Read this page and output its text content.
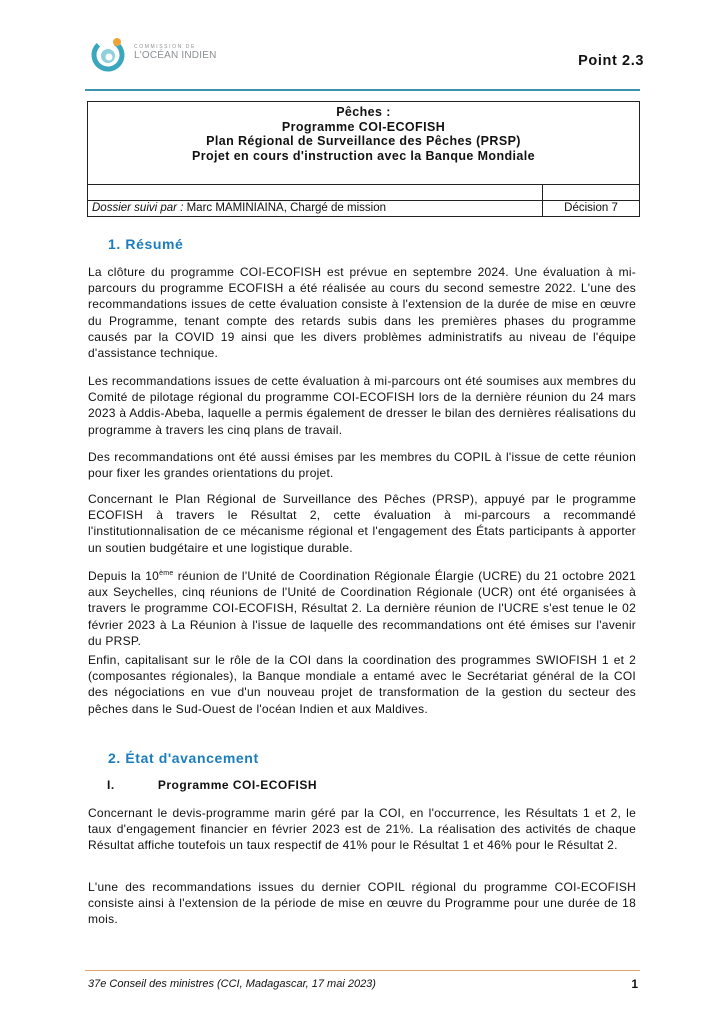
COMMISSION DE
L'OCÉAN INDIEN	Point 2.3
Pêches :
Programme COI-ECOFISH
Plan Régional de Surveillance des Pêches (PRSP)
Projet en cours d'instruction avec la Banque Mondiale
Dossier suivi par : Marc MAMINIAINA, Chargé de mission	Décision 7
1. Résumé

La clôture du programme COI-ECOFISH est prévue en septembre 2024. Une évaluation à mi-parcours du programme ECOFISH a été réalisée au cours du second semestre 2022. L'une des recommandations issues de cette évaluation consiste à l'extension de la durée de mise en œuvre du Programme, tenant compte des retards subis dans les premières phases du programme causés par la COVID 19 ainsi que les divers problèmes administratifs au niveau de l'équipe d'assistance technique.

Les recommandations issues de cette évaluation à mi-parcours ont été soumises aux membres du Comité de pilotage régional du programme COI-ECOFISH lors de la dernière réunion du 24 mars 2023 à Addis-Abeba, laquelle a permis également de dresser le bilan des dernières réalisations du programme à travers les cinq plans de travail.

Des recommandations ont été aussi émises par les membres du COPIL à l'issue de cette réunion pour fixer les grandes orientations du projet.

Concernant le Plan Régional de Surveillance des Pêches (PRSP), appuyé par le programme ECOFISH à travers le Résultat 2, cette évaluation à mi-parcours a recommandé l'institutionnalisation de ce mécanisme régional et l'engagement des États participants à apporter un soutien budgétaire et une logistique durable.

Depuis la 10ème réunion de l'Unité de Coordination Régionale Élargie (UCRE) du 21 octobre 2021 aux Seychelles, cinq réunions de l'Unité de Coordination Régionale (UCR) ont été organisées à travers le programme COI-ECOFISH, Résultat 2. La dernière réunion de l'UCRE s'est tenue le 02 février 2023 à La Réunion à l'issue de laquelle des recommandations ont été émises sur l'avenir du PRSP.

Enfin, capitalisant sur le rôle de la COI dans la coordination des programmes SWIOFISH 1 et 2 (composantes régionales), la Banque mondiale a entamé avec le Secrétariat général de la COI des négociations en vue d'un nouveau projet de transformation de la gestion du secteur des pêches dans le Sud-Ouest de l'océan Indien et aux Maldives.

2. État d'avancement
I.	Programme COI-ECOFISH

Concernant le devis-programme marin géré par la COI, en l'occurrence, les Résultats 1 et 2, le taux d'engagement financier en février 2023 est de 21%. La réalisation des activités de chaque Résultat affiche toutefois un taux respectif de 41% pour le Résultat 1 et 46% pour le Résultat 2.

L'une des recommandations issues du dernier COPIL régional du programme COI-ECOFISH consiste ainsi à l'extension de la période de mise en œuvre du Programme pour une durée de 18 mois.

37e Conseil des ministres (CCI, Madagascar, 17 mai 2023)	1
